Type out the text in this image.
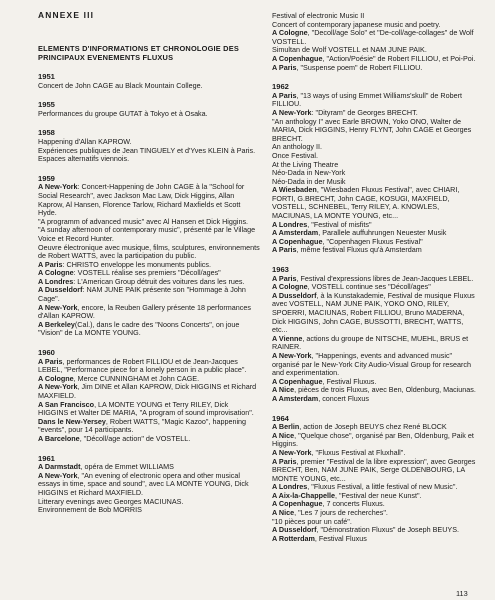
ANNEXE III
ELEMENTS D'INFORMATIONS ET CHRONOLOGIE DES PRINCIPAUX EVENEMENTS FLUXUS
1951
Concert de John CAGE au Black Mountain College.
1955
Performances du groupe GUTAT à Tokyo et à Osaka.
1958
Happening d'Allan KAPROW.
Expériences publiques de Jean TINGUELY et d'Yves KLEIN à Paris.
Espaces alternatifs viennois.
1959
A New-York: Concert-Happening de John CAGE à la "School for Social Research", avec Jackson Mac Law, Dick Higgins, Allan Kaprow, Al Hansen, Florence Tarlow, Richard Maxfields et Scott Hyde.
"A programm of advanced music" avec Al Hansen et Dick Higgins.
"A sunday afternoon of contemporary music", présenté par le Village Voice et Record Hunter.
Oeuvre électronique avec musique, films, sculptures, environnements de Robert WATTS, avec la participation du public.
A Paris: CHRISTO enveloppe les monuments publics.
A Cologne: VOSTELL réalise ses premiers "Décoll/ages"
A Londres: L'American Group détruit des voitures dans les rues.
A Dusseldorf: NAM JUNE PAIK présente son "Hommage à John Cage".
A New-York, encore, la Reuben Gallery présente 18 performances d'Allan KAPROW.
A Berkeley(Cal.), dans le cadre des "Noons Concerts", on joue "Vision" de La MONTE YOUNG.
1960
A Paris, performances de Robert FILLIOU et de Jean-Jacques LEBEL, "Performance piece for a lonely person in a public place".
A Cologne, Merce CUNNINGHAM et John CAGE.
A New-York, Jim DINE et Allan KAPROW, Dick HIGGINS et Richard MAXFIELD.
A San Francisco, LA MONTE YOUNG et Terry RILEY, Dick HIGGINS et Walter DE MARIA, "A program of sound improvisation".
Dans le New-Yersey, Robert WATTS, "Magic Kazoo", happening "events", pour 14 participants.
A Barcelone, "Décoll/age action" de VOSTELL.
1961
A Darmstadt, opéra de Emmet WILLIAMS
A New-York, "An evening of electronic opera and other musical essays in time, space and sound", avec LA MONTE YOUNG, Dick HIGGINS et Richard MAXFIELD.
Litterary evenings avec Georges MACIUNAS.
Environnement de Bob MORRIS
Festival of electronic Music II
Concert of contemporary japanese music and poetry.
A Cologne, "Decoll/age Solo" et "De-coll/age-collages" de Wolf VOSTELL.
Simultan de Wolf VOSTELL et NAM JUNE PAIK.
A Copenhague, "Action/Poésie" de Robert FILLIOU, et Poi-Poi.
A Paris, "Suspense poem" de Robert FILLIOU.
1962
A Paris, "13 ways of using Emmet Williams'skull" de Robert FILLIOU.
A New-York: "Dityram" de Georges BRECHT.
"An anthology I" avec Earle BROWN, Yoko ONO, Walter de MARIA, Dick HIGGINS, Henry FLYNT, John CAGE et Georges BRECHT.
An anthology II.
Once Festival.
At the Living Theatre
Néo-Dada in New-York
Néo-Dada in der Musik
A Wiesbaden, "Wiesbaden Fluxus Festival", avec CHIARI, FORTI, G.BRECHT, John CAGE, KOSUGI, MAXFIELD, VOSTELL, SCHNEBEL, Terry RILEY, A. KNOWLES, MACIUNAS, LA MONTE YOUNG, etc...
A Londres, "Festival of misfits"
A Amsterdam, Parallele auffuhrungen Neuester Musik
A Copenhague, "Copenhagen Fluxus Festival"
A Paris, même festival Fluxus qu'à Amsterdam
1963
A Paris, Festival d'expressions libres de Jean-Jacques LEBEL.
A Cologne, VOSTELL continue ses "Décoll/ages"
A Dusseldorf, à la Kunstakademie, Festival de musique Fluxus avec VOSTELL, NAM JUNE PAIK, YOKO ONO, RILEY, SPOERRI, MACIUNAS, Robert FILLIOU, Bruno MADERNA, Dick HIGGINS, John CAGE, BUSSOTTI, BRECHT, WATTS, etc...
A Vienne, actions du groupe de NITSCHE, MUEHL, BRUS et RAINER.
A New-York, "Happenings, events and advanced music" organisé par le New-York City Audio-Visual Group for research and experimentation.
A Copenhague, Festival Fluxus.
A Nice, pièces de trois Fluxus, avec Ben, Oldenburg, Maciunas.
A Amsterdam, concert Fluxus
1964
A Berlin, action de Joseph BEUYS chez René BLOCK
A Nice, "Quelque chose", organisé par Ben, Oldenburg, Paik et Higgins.
A New-York, "Fluxus Festival at Fluxhall".
A Paris, premier "Festival de la libre expression", avec Georges BRECHT, Ben, NAM JUNE PAIK, Serge OLDENBOURG, LA MONTE YOUNG, etc...
A Londres, "Fluxus Festival, a little festival of new Music".
A Aix-la-Chappelle, "Festival der neue Kunst".
A Copenhague, 7 concerts Fluxus.
A Nice, "Les 7 jours de recherches".
"10 pièces pour un café".
A Dusseldorf, "Démonstration Fluxus" de Joseph BEUYS.
A Rotterdam, Festival Fluxus
113
